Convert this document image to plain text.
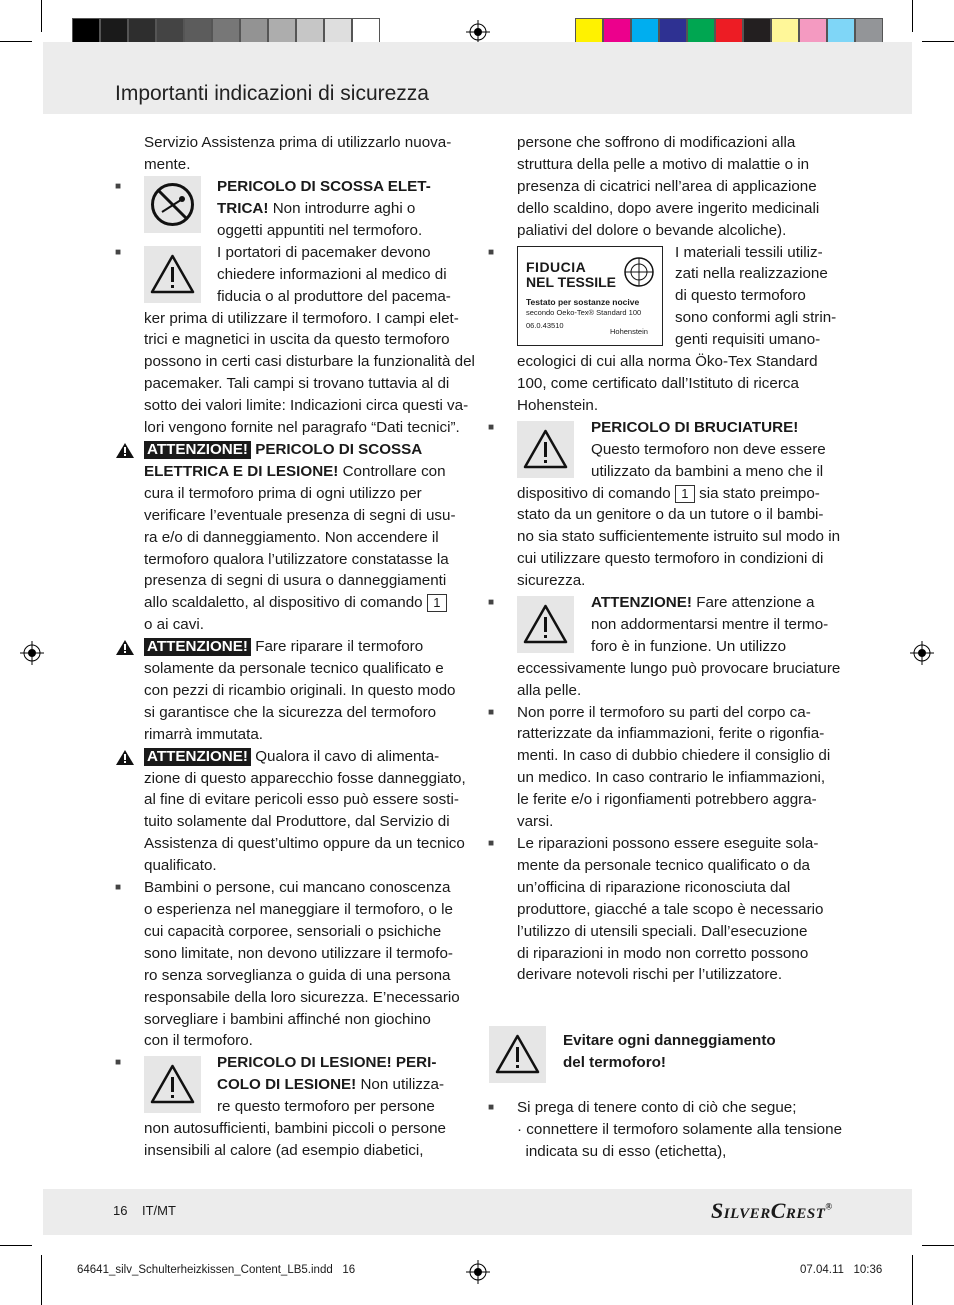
Importanti indicazioni di sicurezza
Servizio Assistenza prima di utilizzarlo nuova-
mente.
■	PERICOLO DI SCOSSA ELET-
TRICA! Non introdurre aghi o
oggetti appuntiti nel termoforo.
■	I portatori di pacemaker devono
chiedere informazioni al medico di
fiducia o al produttore del pacema-
ker prima di utilizzare il termoforo. I campi elet-
trici e magnetici in uscita da questo termoforo
possono in certi casi disturbare la funzionalità del
pacemaker. Tali campi si trovano tuttavia al di
sotto dei valori limite: Indicazioni circa questi va-
lori vengono fornite nel paragrafo “Dati tecnici”.
ATTENZIONE! PERICOLO DI SCOSSA
ELETTRICA E DI LESIONE! Controllare con
cura il termoforo prima di ogni utilizzo per
verificare l’eventuale presenza di segni di usu-
ra e/o di danneggiamento. Non accendere il
termoforo qualora l’utilizzatore constatasse la
presenza di segni di usura o danneggiamenti
allo scaldaletto, al dispositivo di comando 1
o ai cavi.
ATTENZIONE! Fare riparare il termoforo
solamente da personale tecnico qualificato e
con pezzi di ricambio originali. In questo modo
si garantisce che la sicurezza del termoforo
rimarrà immutata.
ATTENZIONE! Qualora il cavo di alimenta-
zione di questo apparecchio fosse danneggiato,
al fine di evitare pericoli esso può essere sosti-
tuito solamente dal Produttore, dal Servizio di
Assistenza di quest’ultimo oppure da un tecnico
qualificato.
■ Bambini o persone, cui mancano conoscenza
o esperienza nel maneggiare il termoforo, o le
cui capacità corporee, sensoriali o psichiche
sono limitate, non devono utilizzare il termofo-
ro senza sorveglianza o guida di una persona
responsabile della loro sicurezza. E’necessario
sorvegliare i bambini affinché non giochino
con il termoforo.
■	PERICOLO DI LESIONE! PERI-
COLO DI LESIONE! Non utilizza-
re questo termoforo per persone
non autosufficienti, bambini piccoli o persone
insensibili al calore (ad esempio diabetici,
persone che soffrono di modificazioni alla
struttura della pelle a motivo di malattie o in
presenza di cicatrici nell’area di applicazione
dello scaldino, dopo avere ingerito medicinali
paliativi del dolore o bevande alcoliche).
■
FIDUCIA
NEL TESSILE
Testato per sostanze nocive
secondo Oeko-Tex® Standard 100
06.0.43510
Hohenstein
I materiali tessili utiliz-
zati nella realizzazione
di questo termoforo
sono conformi agli strin-
genti requisiti umano-
ecologici di cui alla norma Öko-Tex Standard
100, come certificato dall’Istituto di ricerca
Hohenstein.
■	PERICOLO DI BRUCIATURE!
Questo termoforo non deve essere
utilizzato da bambini a meno che il
dispositivo di comando 1 sia stato preimpo-
stato da un genitore o da un tutore o il bambi-
no sia stato sufficientemente istruito sul modo in
cui utilizzare questo termoforo in condizioni di
sicurezza.
■	ATTENZIONE! Fare attenzione a
non addormentarsi mentre il termo-
foro è in funzione. Un utilizzo
eccessivamente lungo può provocare bruciature
alla pelle.
■ Non porre il termoforo su parti del corpo ca-
ratterizzate da infiammazioni, ferite o rigonfia-
menti. In caso di dubbio chiedere il consiglio di
un medico. In caso contrario le infiammazioni,
le ferite e/o i rigonfiamenti potrebbero aggra-
varsi.
■ Le riparazioni possono essere eseguite sola-
mente da personale tecnico qualificato o da
un’officina di riparazione riconosciuta dal
produttore, giacché a tale scopo è necessario
l’utilizzo di utensili speciali. Dall’esecuzione
di riparazioni in modo non corretto possono
derivare notevoli rischi per l’utilizzatore.
Evitare ogni danneggiamento
del termoforo!
■ Si prega di tenere conto di ciò che segue;
· connettere il termoforo solamente alla tensione
indicata su di esso (etichetta),
16 IT/MT	SilverCrest®
64641_silv_Schulterheizkissen_Content_LB5.indd   16	07.04.11   10:36
